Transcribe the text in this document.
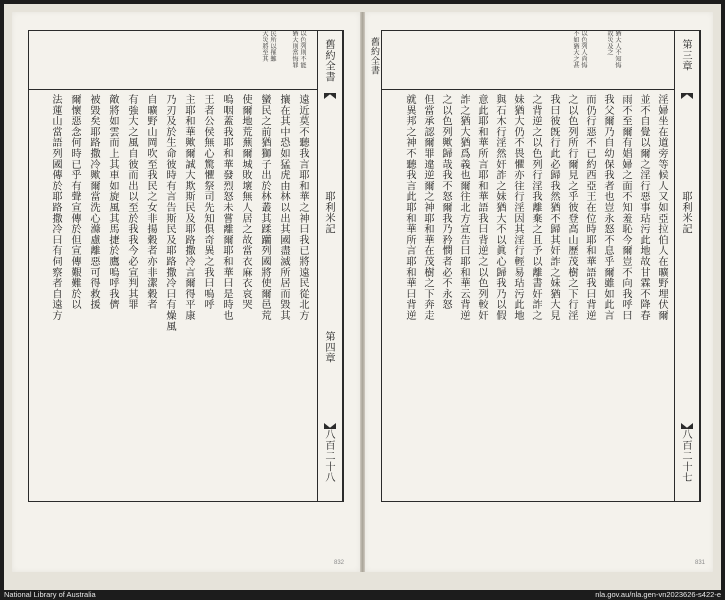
舊約全書
耶利米記
第四章
八百二十八
以色列則不能
猶大則當悔罪
民所以罹難
大災將至其
遠近莫不聽我言耶和華之神曰我已將遠民從北方
攘在其中恐如猛虎由林以出其國盡滅所居而毀其
蠻民之前猶獅子出於林叢其蹂躪列國將使爾邑荒
使爾地荒蕪爾城敗壞無人居之故當衣麻衣哀哭
嗚咽蓋我耶和華發烈怒未嘗離爾耶和華曰是時也
王者公侯無心驚懼祭司先知俱奇異之我曰嗚呼
主耶和華歟爾誠大欺斯民及耶路撒冷言爾得平康
乃刃及於生命彼時有言告斯民及耶路撒冷曰有燥風
自曠野山岡吹至我民之女非揚穀者亦非潔穀者
有強大之風自彼而出以至於我我今必宣判其罪
敵將如雲而上其車如旋風其馬捷於鷹嗚呼我儕
被毀矣耶路撒冷歟爾當洗心滌慮離惡可得救援
爾懷惡念何時已乎有聲宣傳於但宣傳艱難於以
法蓮山當語列國傳於耶路撒冷曰有伺察者自遠方
832
第三章
耶利米記
八百二十七
舊約全書	猶大人不知悔
故災及之
以色列人尚悔
不如猶大之甚
淫婦坐在道旁等候人又如亞拉伯人在曠野埋伏爾
並不自覺以爾之淫行惡事玷污此地故甘霖不降春
雨不至爾有娼婦之面不知羞恥今爾豈不向我呼曰
我父爾乃自幼保我者也豈永怒不息乎爾雖如此言
而仍行惡不已約西亞王在位時耶和華語我曰背逆
之以色列所行爾見之乎彼登高山歷茂樹之下行淫
我曰彼旣行此必歸我然猶不歸其奸詐之妹猶大見
之背逆之以色列行淫我離棄之且予以離書奸詐之
妹猶大仍不畏懼亦往行淫因其淫行輕易玷污此地
與石木行淫然奸詐之妹猶大不以眞心歸我乃以假
意此耶和華所言耶和華語我曰背逆之以色列較奸
詐之猶大猶爲義也爾往北方宣告曰耶和華云背逆
之以色列歟歸哉我不怒爾我乃矜憫者必不永怒
但當承認爾罪違逆爾之神耶和華在茂樹之下奔走
就異邦之神不聽我言此耶和華所言耶和華曰背逆
831
National Library of Australia	nla.gov.au/nla.gen-vn2023626-s422-e
